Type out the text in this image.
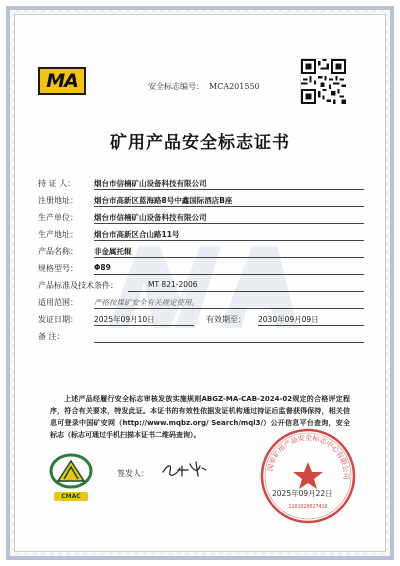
MA	安全标志编号： MCA201550
矿用产品安全标志证书
持 证 人：	烟台市信楠矿山设备科技有限公司
注册地址：	烟台市高新区蓝海路8号中鑫国际酒店B座
生产单位：	烟台市信楠矿山设备科技有限公司
生产地址：	烟台市高新区合山路11号
产品名称：	非金属托辊
规格型号：	Φ89
产品标准及技术条件：	MT 821-2006
适用范围：	严格按煤矿安全有关规定使用。
发证日期：	2025年09月10日	有效期至： 2030年09月09日
备 注：
上述产品经履行安全标志审核发放实施规则ABGZ-MA-CAB-2024-02规定的合格评定程序，符合有关要求，特发此证。本证书的有效性依据发证机构通过持证后监督获得保持，相关信息可登录中国矿安网（http://www.mqbz.org/ Search/mql3/）公开信息平台查询，安全标志（标志可通过手机扫描本证书二维码查询）。
CMAC
签发人：
国家矿用产品安全标志中心有限公司
1101020027418
2025年09月22日
